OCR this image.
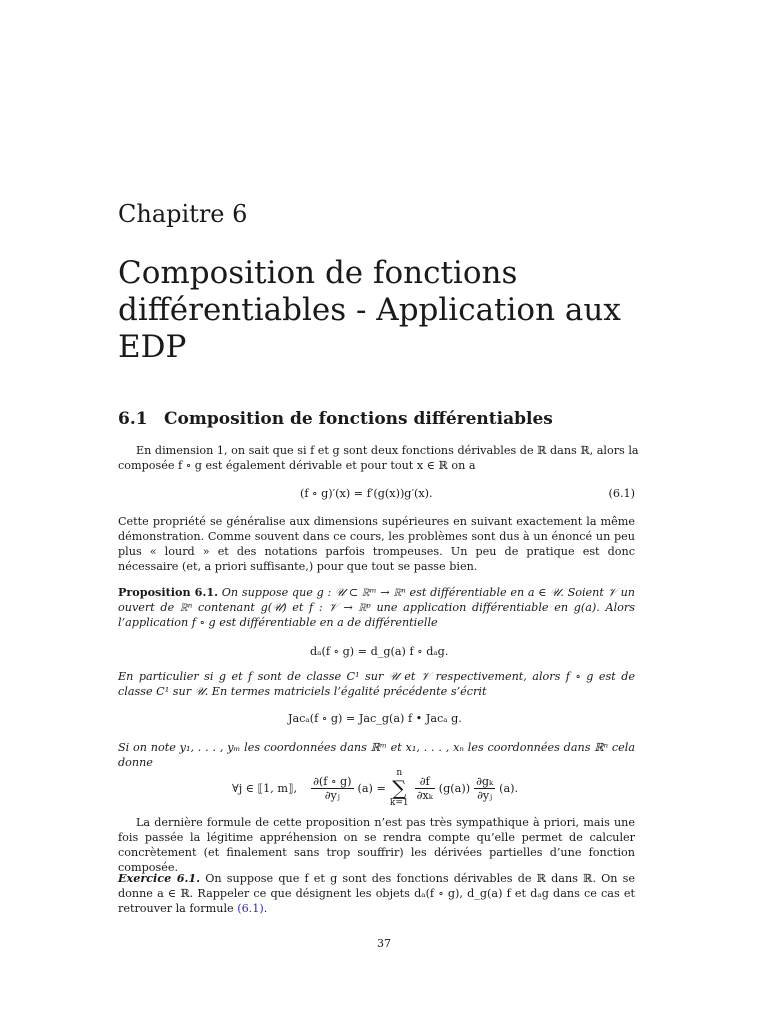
Chapitre 6
Composition de fonctions
différentiables - Application aux
EDP
6.1 Composition de fonctions différentiables
En dimension 1, on sait que si f et g sont deux fonctions dérivables de ℝ dans ℝ, alors la
composée f ∘ g est également dérivable et pour tout x ∈ ℝ on a
(f ∘ g)′(x) = f′(g(x))g′(x).	(6.1)

Cette propriété se généralise aux dimensions supérieures en suivant exactement la même démonstration. Comme souvent dans ce cours, les problèmes sont dus à un énoncé un peu plus « lourd » et des notations parfois trompeuses. Un peu de pratique est donc nécessaire (et, a priori suffisante,) pour que tout se passe bien.

Proposition 6.1. On suppose que g : 𝒰 ⊂ ℝᵐ → ℝⁿ est différentiable en a ∈ 𝒰. Soient 𝒱 un ouvert de ℝⁿ contenant g(𝒰) et f : 𝒱 → ℝᵖ une application différentiable en g(a). Alors l’application f ∘ g est différentiable en a de différentielle

dₐ(f ∘ g) = d_g(a) f ∘ dₐg.

En particulier si g et f sont de classe C¹ sur 𝒰 et 𝒱 respectivement, alors f ∘ g est de classe C¹ sur 𝒰. En termes matriciels l’égalité précédente s’écrit

Jacₐ(f ∘ g) = Jac_g(a) f • Jacₐ g.

Si on note y₁, . . . , yₘ les coordonnées dans ℝᵐ et x₁, . . . , xₙ les coordonnées dans ℝⁿ cela donne

∀j ∈ ⟦1, m⟧, $\frac{\partial(f \circ g)}{\text{∂yⱼ}} (a)$ =
n
∑
k=1
$\frac{\partial f}{\text{∂xₖ}} (g(a)) \frac{\text{∂gₖ}}{\text{∂yⱼ}} (a)$.

La dernière formule de cette proposition n’est pas très sympathique à priori, mais une fois passée la légitime appréhension on se rendra compte qu’elle permet de calculer concrètement (et finalement sans trop souffrir) les dérivées partielles d’une fonction composée.

Exercice 6.1. On suppose que f et g sont des fonctions dérivables de ℝ dans ℝ. On se donne a ∈ ℝ. Rappeler ce que désignent les objets dₐ(f ∘ g), d_g(a) f et dₐg dans ce cas et retrouver la formule (6.1).

37
